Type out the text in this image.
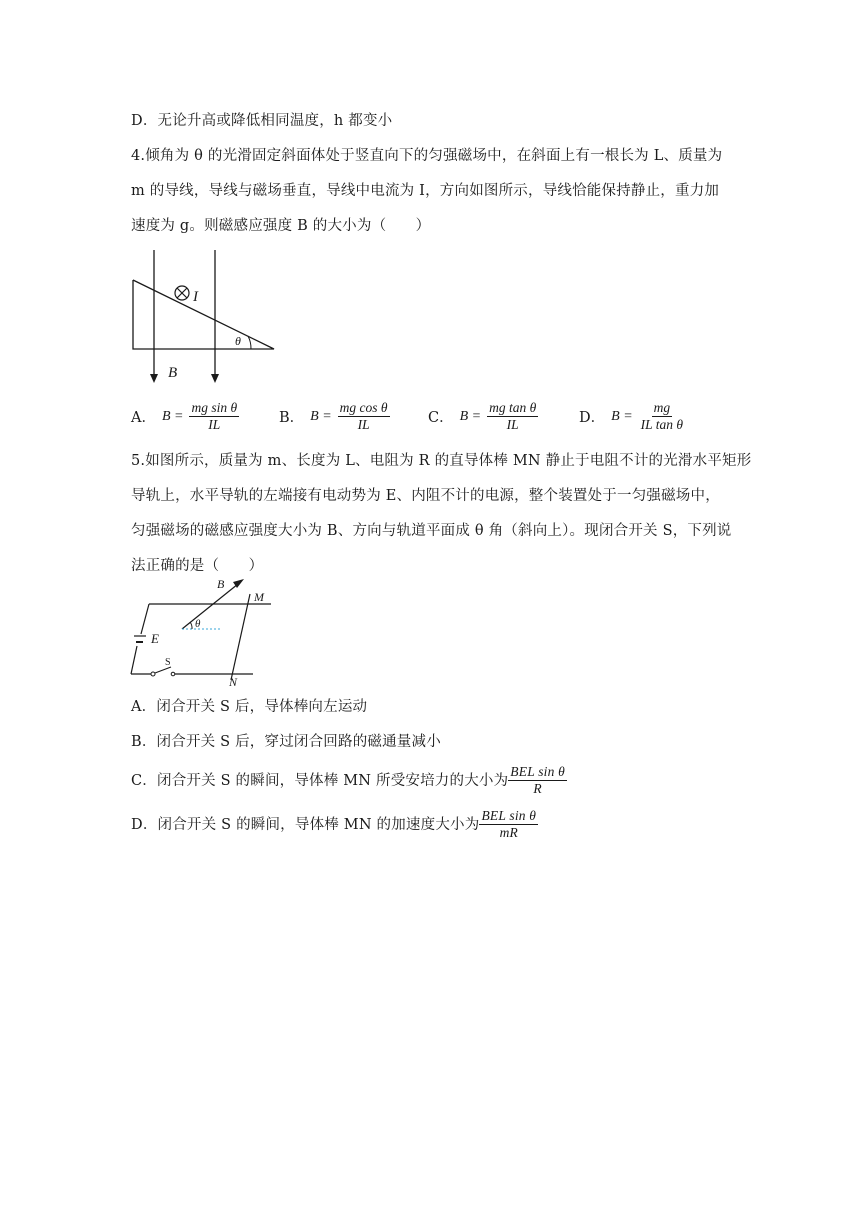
D．无论升高或降低相同温度，h 都变小
4.倾角为 θ 的光滑固定斜面体处于竖直向下的匀强磁场中，在斜面上有一根长为 L、质量为
m 的导线，导线与磁场垂直，导线中电流为 I，方向如图所示，导线恰能保持静止，重力加
速度为 g。则磁感应强度 B 的大小为（　　）
I
θ
B
A． $B = \frac{\text{mg sin θ}}{IL}$	B． $B = \frac{\text{mg cos θ}}{IL}$	C． $B = \frac{\text{mg tan θ}}{IL}$	D． $B = \frac{mg}{\text{IL tan θ}}$
5.如图所示，质量为 m、长度为 L、电阻为 R 的直导体棒 MN 静止于电阻不计的光滑水平矩形
导轨上，水平导轨的左端接有电动势为 E、内阻不计的电源，整个装置处于一匀强磁场中，
匀强磁场的磁感应强度大小为 B、方向与轨道平面成 θ 角（斜向上）。现闭合开关 S，下列说
法正确的是（　　）
E
S
M
N
B
θ
A．闭合开关 S 后，导体棒向左运动
B．闭合开关 S 后，穿过闭合回路的磁通量减小
C．闭合开关 S 的瞬间，导体棒 MN 所受安培力的大小为 $\frac{\text{BEL sin θ}}{R}$
D．闭合开关 S 的瞬间，导体棒 MN 的加速度大小为 $\frac{\text{BEL sin θ}}{mR}$
